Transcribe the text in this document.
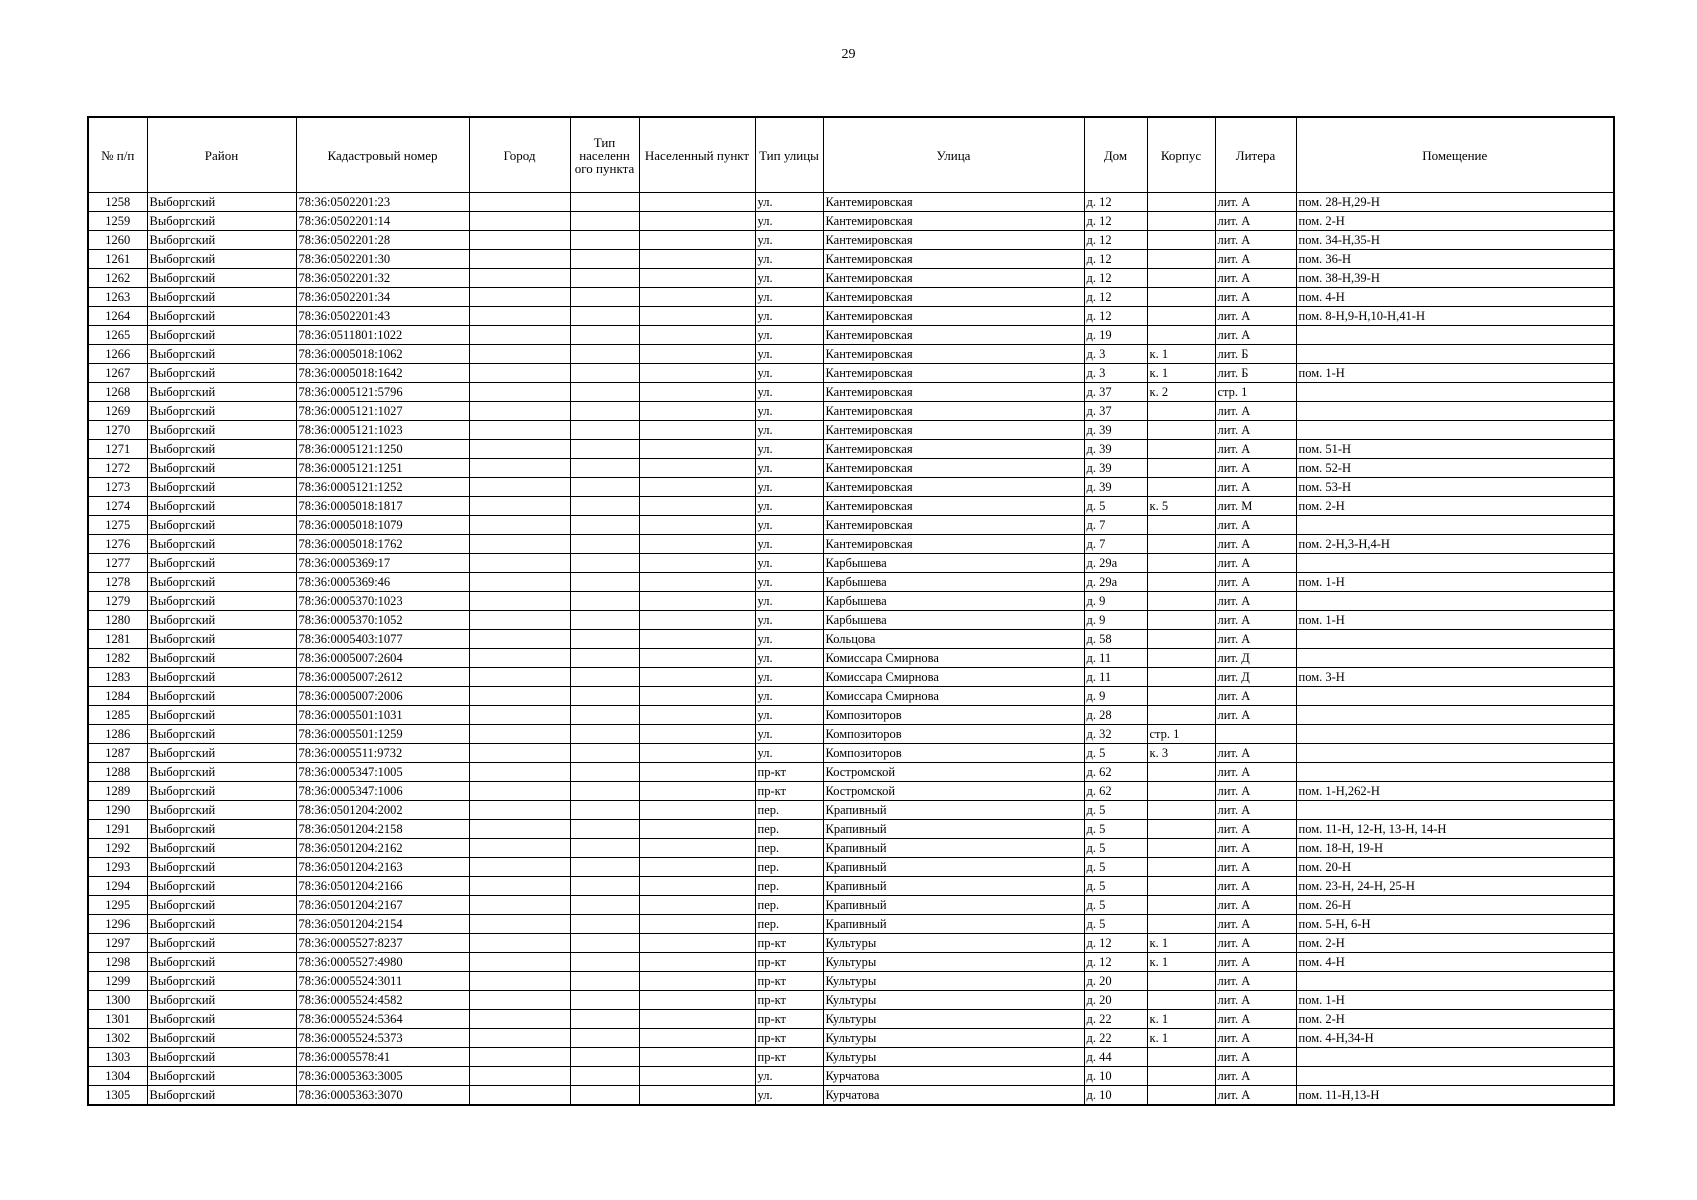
29
№ п/п	Район	Кадастровый номер	Город	Тип населенн ого пункта	Населенный пункт	Тип улицы	Улица	Дом	Корпус	Литера	Помещение
1258	Выборгский	78:36:0502201:23				ул.	Кантемировская	д. 12		лит. А	пом. 28-Н,29-Н
1259	Выборгский	78:36:0502201:14				ул.	Кантемировская	д. 12		лит. А	пом. 2-Н
1260	Выборгский	78:36:0502201:28				ул.	Кантемировская	д. 12		лит. А	пом. 34-Н,35-Н
1261	Выборгский	78:36:0502201:30				ул.	Кантемировская	д. 12		лит. А	пом. 36-Н
1262	Выборгский	78:36:0502201:32				ул.	Кантемировская	д. 12		лит. А	пом. 38-Н,39-Н
1263	Выборгский	78:36:0502201:34				ул.	Кантемировская	д. 12		лит. А	пом. 4-Н
1264	Выборгский	78:36:0502201:43				ул.	Кантемировская	д. 12		лит. А	пом. 8-Н,9-Н,10-Н,41-Н
1265	Выборгский	78:36:0511801:1022				ул.	Кантемировская	д. 19		лит. А	
1266	Выборгский	78:36:0005018:1062				ул.	Кантемировская	д. 3	к. 1	лит. Б	
1267	Выборгский	78:36:0005018:1642				ул.	Кантемировская	д. 3	к. 1	лит. Б	пом. 1-Н
1268	Выборгский	78:36:0005121:5796				ул.	Кантемировская	д. 37	к. 2	стр. 1	
1269	Выборгский	78:36:0005121:1027				ул.	Кантемировская	д. 37		лит. А	
1270	Выборгский	78:36:0005121:1023				ул.	Кантемировская	д. 39		лит. А	
1271	Выборгский	78:36:0005121:1250				ул.	Кантемировская	д. 39		лит. А	пом. 51-Н
1272	Выборгский	78:36:0005121:1251				ул.	Кантемировская	д. 39		лит. А	пом. 52-Н
1273	Выборгский	78:36:0005121:1252				ул.	Кантемировская	д. 39		лит. А	пом. 53-Н
1274	Выборгский	78:36:0005018:1817				ул.	Кантемировская	д. 5	к. 5	лит. М	пом. 2-Н
1275	Выборгский	78:36:0005018:1079				ул.	Кантемировская	д. 7		лит. А	
1276	Выборгский	78:36:0005018:1762				ул.	Кантемировская	д. 7		лит. А	пом. 2-Н,3-Н,4-Н
1277	Выборгский	78:36:0005369:17				ул.	Карбышева	д. 29а		лит. А	
1278	Выборгский	78:36:0005369:46				ул.	Карбышева	д. 29а		лит. А	пом. 1-Н
1279	Выборгский	78:36:0005370:1023				ул.	Карбышева	д. 9		лит. А	
1280	Выборгский	78:36:0005370:1052				ул.	Карбышева	д. 9		лит. А	пом. 1-Н
1281	Выборгский	78:36:0005403:1077				ул.	Кольцова	д. 58		лит. А	
1282	Выборгский	78:36:0005007:2604				ул.	Комиссара Смирнова	д. 11		лит. Д	
1283	Выборгский	78:36:0005007:2612				ул.	Комиссара Смирнова	д. 11		лит. Д	пом. 3-Н
1284	Выборгский	78:36:0005007:2006				ул.	Комиссара Смирнова	д. 9		лит. А	
1285	Выборгский	78:36:0005501:1031				ул.	Композиторов	д. 28		лит. А	
1286	Выборгский	78:36:0005501:1259				ул.	Композиторов	д. 32	стр. 1		
1287	Выборгский	78:36:0005511:9732				ул.	Композиторов	д. 5	к. 3	лит. А	
1288	Выборгский	78:36:0005347:1005				пр-кт	Костромской	д. 62		лит. А	
1289	Выборгский	78:36:0005347:1006				пр-кт	Костромской	д. 62		лит. А	пом. 1-Н,262-Н
1290	Выборгский	78:36:0501204:2002				пер.	Крапивный	д. 5		лит. А	
1291	Выборгский	78:36:0501204:2158				пер.	Крапивный	д. 5		лит. А	пом. 11-Н, 12-Н, 13-Н, 14-Н
1292	Выборгский	78:36:0501204:2162				пер.	Крапивный	д. 5		лит. А	пом. 18-Н, 19-Н
1293	Выборгский	78:36:0501204:2163				пер.	Крапивный	д. 5		лит. А	пом. 20-Н
1294	Выборгский	78:36:0501204:2166				пер.	Крапивный	д. 5		лит. А	пом. 23-Н, 24-Н, 25-Н
1295	Выборгский	78:36:0501204:2167				пер.	Крапивный	д. 5		лит. А	пом. 26-Н
1296	Выборгский	78:36:0501204:2154				пер.	Крапивный	д. 5		лит. А	пом. 5-Н, 6-Н
1297	Выборгский	78:36:0005527:8237				пр-кт	Культуры	д. 12	к. 1	лит. А	пом. 2-Н
1298	Выборгский	78:36:0005527:4980				пр-кт	Культуры	д. 12	к. 1	лит. А	пом. 4-Н
1299	Выборгский	78:36:0005524:3011				пр-кт	Культуры	д. 20		лит. А	
1300	Выборгский	78:36:0005524:4582				пр-кт	Культуры	д. 20		лит. А	пом. 1-Н
1301	Выборгский	78:36:0005524:5364				пр-кт	Культуры	д. 22	к. 1	лит. А	пом. 2-Н
1302	Выборгский	78:36:0005524:5373				пр-кт	Культуры	д. 22	к. 1	лит. А	пом. 4-Н,34-Н
1303	Выборгский	78:36:0005578:41				пр-кт	Культуры	д. 44		лит. А	
1304	Выборгский	78:36:0005363:3005				ул.	Курчатова	д. 10		лит. А	
1305	Выборгский	78:36:0005363:3070				ул.	Курчатова	д. 10		лит. А	пом. 11-Н,13-Н
